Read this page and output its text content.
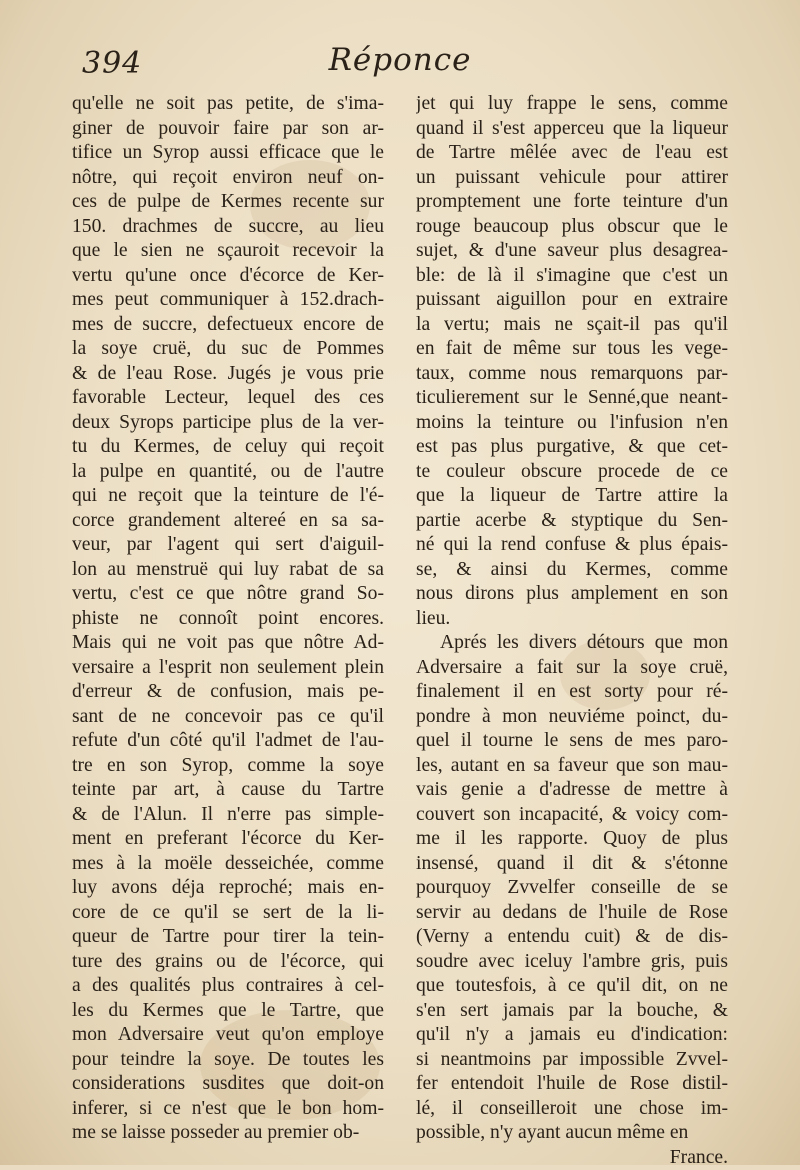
394	Réponce
qu'elle ne soit pas petite, de s'ima-
giner de pouvoir faire par son ar-
tifice un Syrop aussi efficace que le
nôtre, qui reçoit environ neuf on-
ces de pulpe de Kermes recente sur
150. drachmes de succre, au lieu
que le sien ne sçauroit recevoir la
vertu qu'une once d'écorce de Ker-
mes peut communiquer à 152.drach-
mes de succre, defectueux encore de
la soye cruë, du suc de Pommes
& de l'eau Rose. Jugés je vous prie
favorable Lecteur, lequel des ces
deux Syrops participe plus de la ver-
tu du Kermes, de celuy qui reçoit
la pulpe en quantité, ou de l'autre
qui ne reçoit que la teinture de l'é-
corce grandement altereé en sa sa-
veur, par l'agent qui sert d'aiguil-
lon au menstruë qui luy rabat de sa
vertu, c'est ce que nôtre grand So-
phiste ne connoît point encores.
Mais qui ne voit pas que nôtre Ad-
versaire a l'esprit non seulement plein
d'erreur & de confusion, mais pe-
sant de ne concevoir pas ce qu'il
refute d'un côté qu'il l'admet de l'au-
tre en son Syrop, comme la soye
teinte par art, à cause du Tartre
& de l'Alun. Il n'erre pas simple-
ment en preferant l'écorce du Ker-
mes à la moële desseichée, comme
luy avons déja reproché; mais en-
core de ce qu'il se sert de la li-
queur de Tartre pour tirer la tein-
ture des grains ou de l'écorce, qui
a des qualités plus contraires à cel-
les du Kermes que le Tartre, que
mon Adversaire veut qu'on employe
pour teindre la soye. De toutes les
considerations susdites que doit-on
inferer, si ce n'est que le bon hom-
me se laisse posseder au premier ob-
jet qui luy frappe le sens, comme
quand il s'est apperceu que la liqueur
de Tartre mêlée avec de l'eau est
un puissant vehicule pour attirer
promptement une forte teinture d'un
rouge beaucoup plus obscur que le
sujet, & d'une saveur plus desagrea-
ble: de là il s'imagine que c'est un
puissant aiguillon pour en extraire
la vertu; mais ne sçait-il pas qu'il
en fait de même sur tous les vege-
taux, comme nous remarquons par-
ticulierement sur le Senné,que neant-
moins la teinture ou l'infusion n'en
est pas plus purgative, & que cet-
te couleur obscure procede de ce
que la liqueur de Tartre attire la
partie acerbe & styptique du Sen-
né qui la rend confuse & plus épais-
se, & ainsi du Kermes, comme
nous dirons plus amplement en son
lieu.
Aprés les divers détours que mon
Adversaire a fait sur la soye cruë,
finalement il en est sorty pour ré-
pondre à mon neuviéme poinct, du-
quel il tourne le sens de mes paro-
les, autant en sa faveur que son mau-
vais genie a d'adresse de mettre à
couvert son incapacité, & voicy com-
me il les rapporte. Quoy de plus
insensé, quand il dit & s'étonne
pourquoy Zvvelfer conseille de se
servir au dedans de l'huile de Rose
(Verny a entendu cuit) & de dis-
soudre avec iceluy l'ambre gris, puis
que toutesfois, à ce qu'il dit, on ne
s'en sert jamais par la bouche, &
qu'il n'y a jamais eu d'indication:
si neantmoins par impossible Zvvel-
fer entendoit l'huile de Rose distil-
lé, il conseilleroit une chose im-
possible, n'y ayant aucun même en
France.
